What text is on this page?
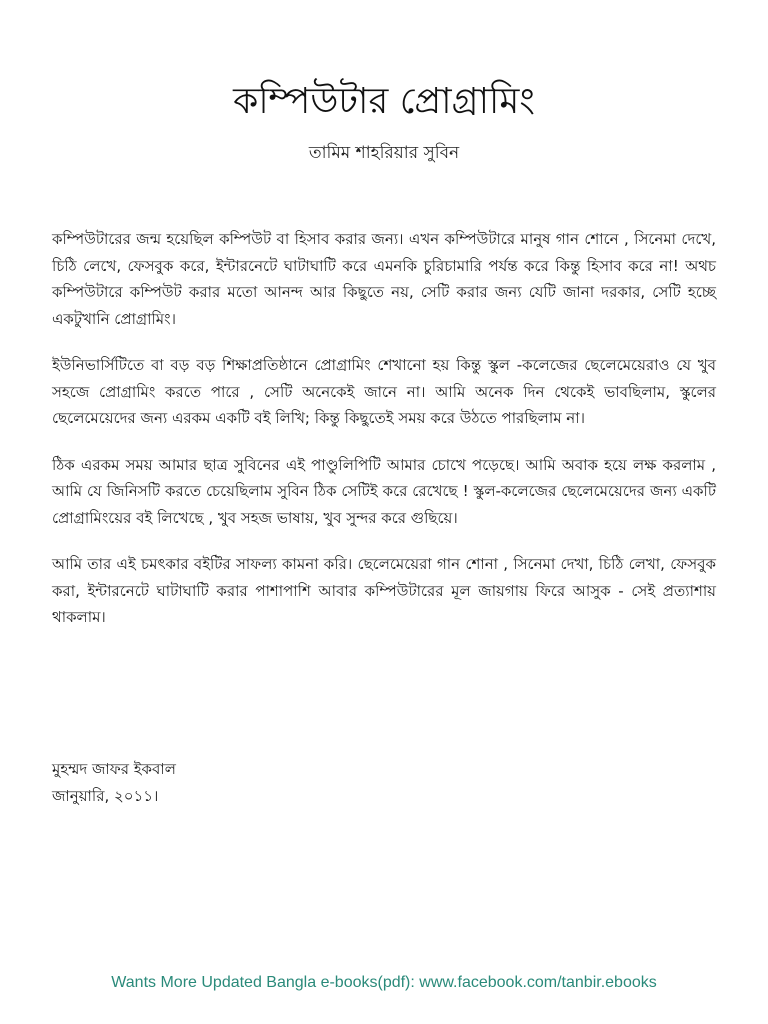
কম্পিউটার প্রোগ্রামিং
তামিম শাহরিয়ার সুবিন

কম্পিউটারের জন্ম হয়েছিল কম্পিউট বা হিসাব করার জন্য। এখন কম্পিউটারে মানুষ গান শোনে , সিনেমা দেখে, চিঠি লেখে, ফেসবুক করে, ইন্টারনেটে ঘাটাঘাটি করে এমনকি চুরিচামারি পর্যন্ত করে কিন্তু হিসাব করে না! অথচ কম্পিউটারে কম্পিউট করার মতো আনন্দ আর কিছুতে নয়, সেটি করার জন্য যেটি জানা দরকার, সেটি হচ্ছে একটুখানি প্রোগ্রামিং।

ইউনিভার্সিটিতে বা বড় বড় শিক্ষাপ্রতিষ্ঠানে প্রোগ্রামিং শেখানো হয় কিন্তু স্কুল -কলেজের ছেলেমেয়েরাও যে খুব সহজে প্রোগ্রামিং করতে পারে , সেটি অনেকেই জানে না। আমি অনেক দিন থেকেই ভাবছিলাম, স্কুলের ছেলেমেয়েদের জন্য এরকম একটি বই লিখি; কিন্তু কিছুতেই সময় করে উঠতে পারছিলাম না।

ঠিক এরকম সময় আমার ছাত্র সুবিনের এই পাণ্ডুলিপিটি আমার চোখে পড়েছে। আমি অবাক হয়ে লক্ষ করলাম , আমি যে জিনিসটি করতে চেয়েছিলাম সুবিন ঠিক সেটিই করে রেখেছে ! স্কুল-কলেজের ছেলেমেয়েদের জন্য একটি প্রোগ্রামিংয়ের বই লিখেছে , খুব সহজ ভাষায়, খুব সুন্দর করে গুছিয়ে।

আমি তার এই চমৎকার বইটির সাফল্য কামনা করি। ছেলেমেয়েরা গান শোনা , সিনেমা দেখা, চিঠি লেখা, ফেসবুক করা, ইন্টারনেটে ঘাটাঘাটি করার পাশাপাশি আবার কম্পিউটারের মূল জায়গায় ফিরে আসুক - সেই প্রত্যাশায় থাকলাম।

মুহম্মদ জাফর ইকবাল
জানুয়ারি, ২০১১।
Wants More Updated Bangla e-books(pdf): www.facebook.com/tanbir.ebooks
